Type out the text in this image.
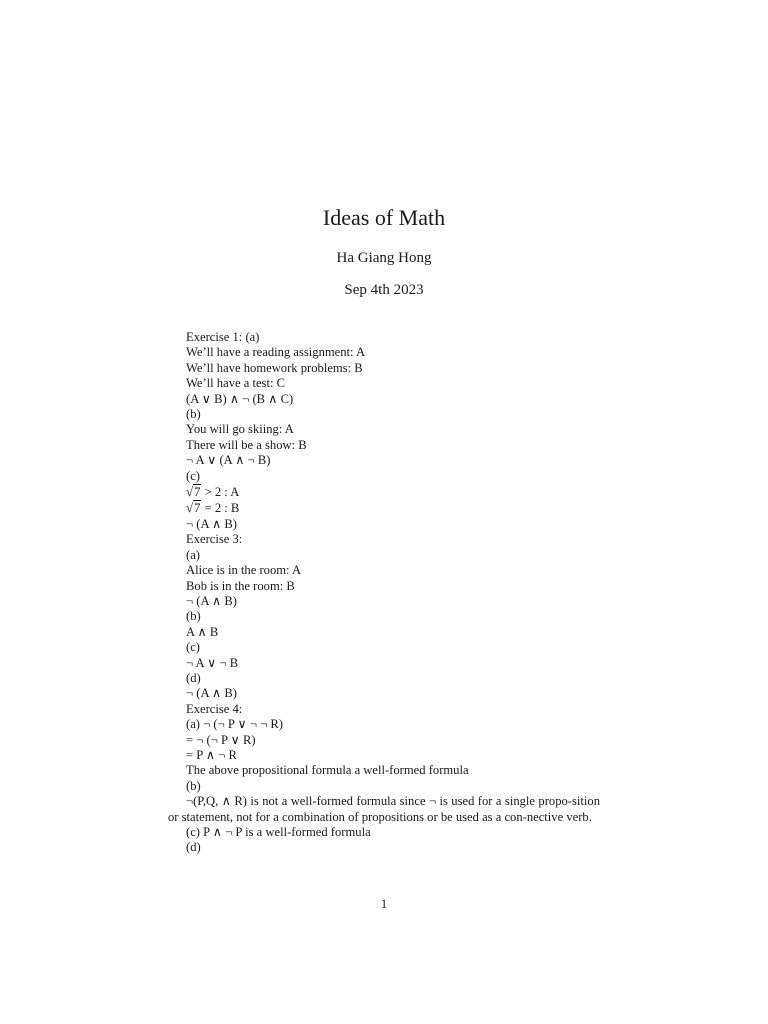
Ideas of Math
Ha Giang Hong
Sep 4th 2023
Exercise 1: (a)
We’ll have a reading assignment: A
We’ll have homework problems: B
We’ll have a test: C
(A ∨ B) ∧ ¬ (B ∧ C)
(b)
You will go skiing: A
There will be a show: B
¬ A ∨ (A ∧ ¬ B)
(c)
√7 > 2 : A
√7 = 2 : B
¬ (A ∧ B)
Exercise 3:
(a)
Alice is in the room: A
Bob is in the room: B
¬ (A ∧ B)
(b)
A ∧ B
(c)
¬ A ∨ ¬ B
(d)
¬ (A ∧ B)
Exercise 4:
(a) ¬ (¬ P ∨ ¬ ¬ R)
= ¬ (¬ P ∨ R)
= P ∧ ¬ R
The above propositional formula a well-formed formula
(b)
¬(P,Q, ∧ R) is not a well-formed formula since ¬ is used for a single propo-sition or statement, not for a combination of propositions or be used as a con-nective verb.
(c) P ∧ ¬ P is a well-formed formula
(d)
1
